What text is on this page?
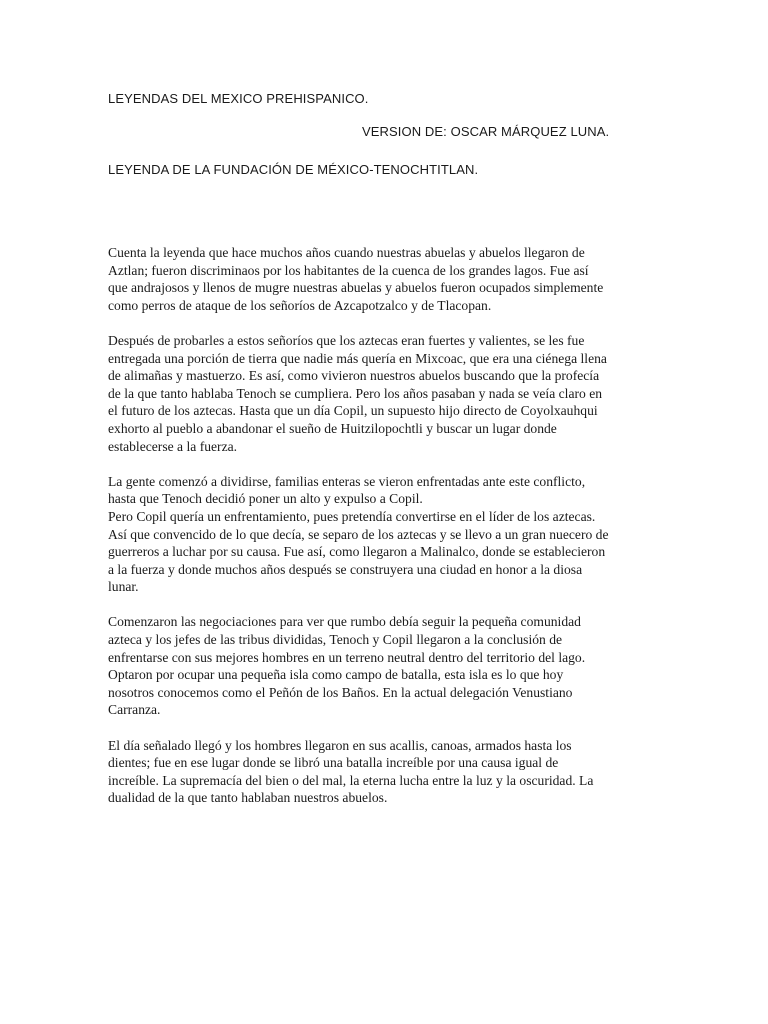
LEYENDAS DEL MEXICO PREHISPANICO.
VERSION DE: OSCAR MÁRQUEZ LUNA.
LEYENDA DE LA FUNDACIÓN DE MÉXICO-TENOCHTITLAN.

Cuenta la leyenda que hace muchos años cuando nuestras abuelas y abuelos llegaron de
Aztlan; fueron discriminaos por los habitantes de la cuenca de los grandes lagos. Fue así
que andrajosos y llenos de mugre nuestras abuelas y abuelos fueron ocupados simplemente
como perros de ataque de los señoríos de Azcapotzalco y de Tlacopan.

Después de probarles a estos señoríos que los aztecas eran fuertes y valientes, se les fue
entregada una porción de tierra que nadie más quería en Mixcoac, que era una ciénega llena
de alimañas y mastuerzo. Es así, como vivieron nuestros abuelos buscando que la profecía
de la que tanto hablaba Tenoch se cumpliera. Pero los años pasaban y nada se veía claro en
el futuro de los aztecas. Hasta que un día Copil, un supuesto hijo directo de Coyolxauhqui
exhorto al pueblo a abandonar el sueño de Huitzilopochtli y buscar un lugar donde
establecerse a la fuerza.

La gente comenzó a dividirse, familias enteras se vieron enfrentadas ante este conflicto,
hasta que Tenoch decidió poner un alto y expulso a Copil.
Pero Copil quería un enfrentamiento, pues pretendía convertirse en el líder de los aztecas.
Así que convencido de lo que decía, se separo de los aztecas y se llevo a un gran nuecero de
guerreros a luchar por su causa. Fue así, como llegaron a Malinalco, donde se establecieron
a la fuerza y donde muchos años después se construyera una ciudad en honor a la diosa
lunar.

Comenzaron las negociaciones para ver que rumbo debía seguir la pequeña comunidad
azteca y los jefes de las tribus divididas, Tenoch y Copil llegaron a la conclusión de
enfrentarse con sus mejores hombres en un terreno neutral dentro del territorio del lago.
Optaron por ocupar una pequeña isla como campo de batalla, esta isla es lo que hoy
nosotros conocemos como el Peñón de los Baños. En la actual delegación Venustiano
Carranza.

El día señalado llegó y los hombres llegaron en sus acallis, canoas, armados hasta los
dientes; fue en ese lugar donde se libró una batalla increíble por una causa igual de
increíble. La supremacía del bien o del mal, la eterna lucha entre la luz y la oscuridad. La
dualidad de la que tanto hablaban nuestros abuelos.
